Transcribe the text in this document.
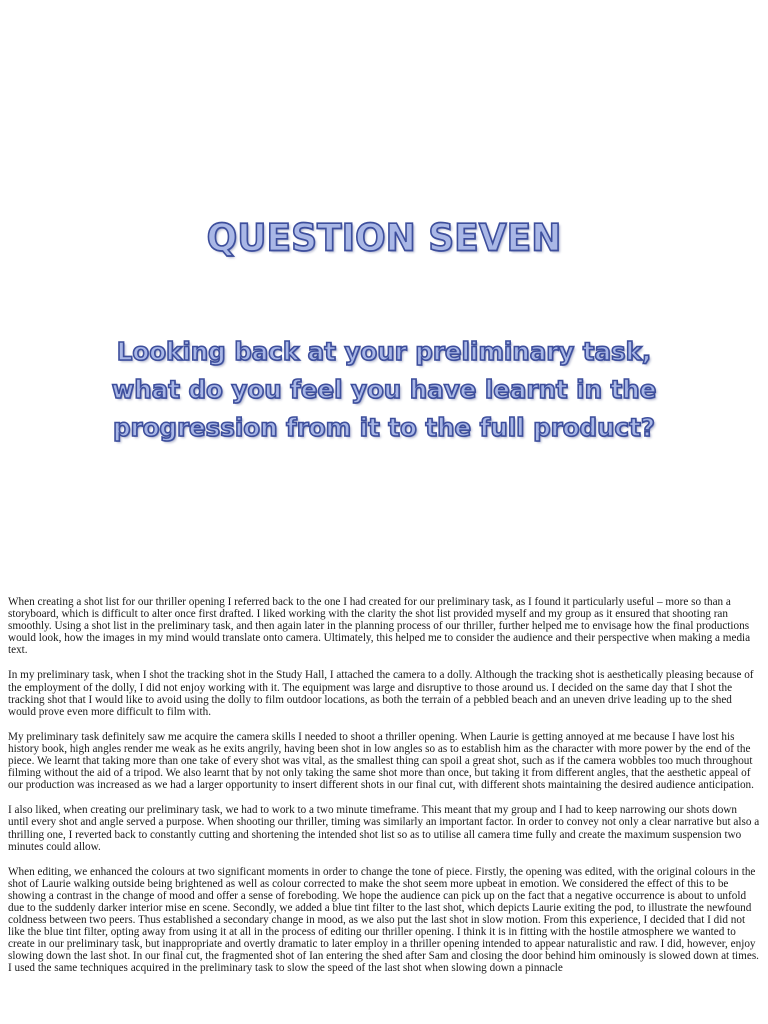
QUESTION SEVEN
Looking back at your preliminary task,
what do you feel you have learnt in the
progression from it to the full product?

When creating a shot list for our thriller opening I referred back to the one I had created for our preliminary task, as I found it particularly useful – more so than a storyboard, which is difficult to alter once first drafted. I liked working with the clarity the shot list provided myself and my group as it ensured that shooting ran smoothly. Using a shot list in the preliminary task, and then again later in the planning process of our thriller, further helped me to envisage how the final productions would look, how the images in my mind would translate onto camera. Ultimately, this helped me to consider the audience and their perspective when making a media text.

In my preliminary task, when I shot the tracking shot in the Study Hall, I attached the camera to a dolly. Although the tracking shot is aesthetically pleasing because of the employment of the dolly, I did not enjoy working with it. The equipment was large and disruptive to those around us. I decided on the same day that I shot the tracking shot that I would like to avoid using the dolly to film outdoor locations, as both the terrain of a pebbled beach and an uneven drive leading up to the shed would prove even more difficult to film with.

My preliminary task definitely saw me acquire the camera skills I needed to shoot a thriller opening. When Laurie is getting annoyed at me because I have lost his history book, high angles render me weak as he exits angrily, having been shot in low angles so as to establish him as the character with more power by the end of the piece. We learnt that taking more than one take of every shot was vital, as the smallest thing can spoil a great shot, such as if the camera wobbles too much throughout filming without the aid of a tripod. We also learnt that by not only taking the same shot more than once, but taking it from different angles, that the aesthetic appeal of our production was increased as we had a larger opportunity to insert different shots in our final cut, with different shots maintaining the desired audience anticipation.

I also liked, when creating our preliminary task, we had to work to a two minute timeframe. This meant that my group and I had to keep narrowing our shots down until every shot and angle served a purpose. When shooting our thriller, timing was similarly an important factor. In order to convey not only a clear narrative but also a thrilling one, I reverted back to constantly cutting and shortening the intended shot list so as to utilise all camera time fully and create the maximum suspension two minutes could allow.

When editing, we enhanced the colours at two significant moments in order to change the tone of piece. Firstly, the opening was edited, with the original colours in the shot of Laurie walking outside being brightened as well as colour corrected to make the shot seem more upbeat in emotion. We considered the effect of this to be showing a contrast in the change of mood and offer a sense of foreboding. We hope the audience can pick up on the fact that a negative occurrence is about to unfold due to the suddenly darker interior mise en scene. Secondly, we added a blue tint filter to the last shot, which depicts Laurie exiting the pod, to illustrate the newfound coldness between two peers. Thus established a secondary change in mood, as we also put the last shot in slow motion. From this experience, I decided that I did not like the blue tint filter, opting away from using it at all in the process of editing our thriller opening. I think it is in fitting with the hostile atmosphere we wanted to create in our preliminary task, but inappropriate and overtly dramatic to later employ in a thriller opening intended to appear naturalistic and raw. I did, however, enjoy slowing down the last shot. In our final cut, the fragmented shot of Ian entering the shed after Sam and closing the door behind him ominously is slowed down at times. I used the same techniques acquired in the preliminary task to slow the speed of the last shot when slowing down a pinnacle
